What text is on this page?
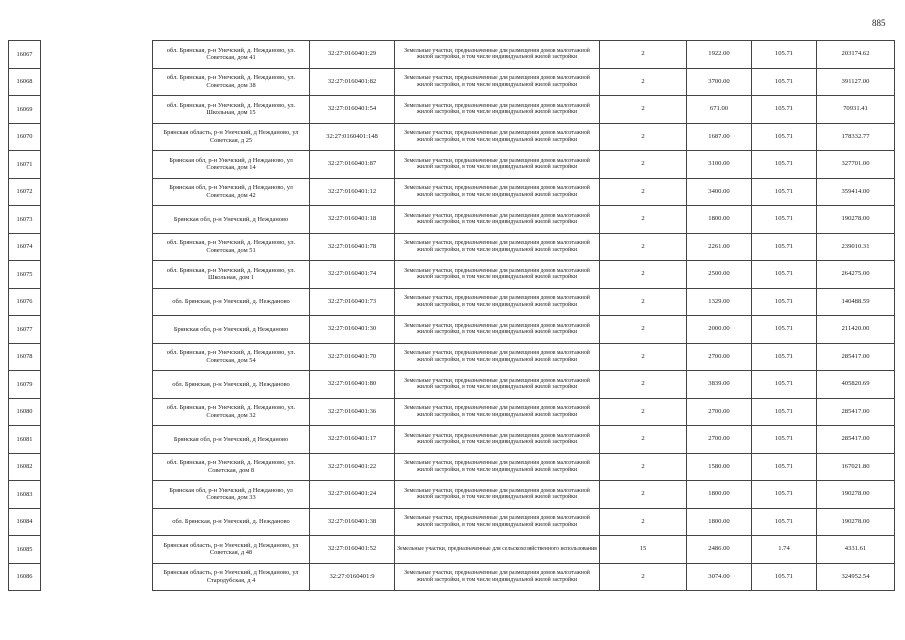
885
16067		обл. Брянская, р-н Унечский, д. Нежданово, ул. Советская, дом 41	32:27:0160401:29	Земельные участки, предназначенные для размещения домов малоэтажной жилой застройки, в том числе индивидуальной жилой застройки	2	1922.00	105.71	203174.62
16068		обл. Брянская, р-н Унечский, д. Нежданово, ул. Советская, дом 38	32:27:0160401:82	Земельные участки, предназначенные для размещения домов малоэтажной жилой застройки, в том числе индивидуальной жилой застройки	2	3700.00	105.71	391127.00
16069		обл. Брянская, р-н Унечский, д. Нежданово, ул. Школьная, дом 15	32:27:0160401:54	Земельные участки, предназначенные для размещения домов малоэтажной жилой застройки, в том числе индивидуальной жилой застройки	2	671.00	105.71	70931.41
16070		Брянская область, р-н Унечский, д Нежданово, ул Советская, д 25	32:27:0160401:148	Земельные участки, предназначенные для размещения домов малоэтажной жилой застройки, в том числе индивидуальной жилой застройки	2	1687.00	105.71	178332.77
16071		Брянская обл, р-н Унечский, д Нежданово, ул Советская, дом 14	32:27:0160401:87	Земельные участки, предназначенные для размещения домов малоэтажной жилой застройки, в том числе индивидуальной жилой застройки	2	3100.00	105.71	327701.00
16072		Брянская обл, р-н Унечский, д Нежданово, ул Советская, дом 42	32:27:0160401:12	Земельные участки, предназначенные для размещения домов малоэтажной жилой застройки, в том числе индивидуальной жилой застройки	2	3400.00	105.71	359414.00
16073		Брянская обл, р-н Унечский, д Нежданово	32:27:0160401:18	Земельные участки, предназначенные для размещения домов малоэтажной жилой застройки, в том числе индивидуальной жилой застройки	2	1800.00	105.71	190278.00
16074		обл. Брянская, р-н Унечский, д. Нежданово, ул. Советская, дом 51	32:27:0160401:78	Земельные участки, предназначенные для размещения домов малоэтажной жилой застройки, в том числе индивидуальной жилой застройки	2	2261.00	105.71	239010.31
16075		обл. Брянская, р-н Унечский, д. Нежданово, ул. Школьная, дом 1	32:27:0160401:74	Земельные участки, предназначенные для размещения домов малоэтажной жилой застройки, в том числе индивидуальной жилой застройки	2	2500.00	105.71	264275.00
16076		обл. Брянская, р-н Унечский, д. Нежданово	32:27:0160401:73	Земельные участки, предназначенные для размещения домов малоэтажной жилой застройки, в том числе индивидуальной жилой застройки	2	1329.00	105.71	140488.59
16077		Брянская обл, р-н Унечский, д Нежданово	32:27:0160401:30	Земельные участки, предназначенные для размещения домов малоэтажной жилой застройки, в том числе индивидуальной жилой застройки	2	2000.00	105.71	211420.00
16078		обл. Брянская, р-н Унечский, д. Нежданово, ул. Советская, дом 54	32:27:0160401:70	Земельные участки, предназначенные для размещения домов малоэтажной жилой застройки, в том числе индивидуальной жилой застройки	2	2700.00	105.71	285417.00
16079		обл. Брянская, р-н Унечский, д. Нежданово	32:27:0160401:80	Земельные участки, предназначенные для размещения домов малоэтажной жилой застройки, в том числе индивидуальной жилой застройки	2	3839.00	105.71	405820.69
16080		обл. Брянская, р-н Унечский, д. Нежданово, ул. Советская, дом 32	32:27:0160401:36	Земельные участки, предназначенные для размещения домов малоэтажной жилой застройки, в том числе индивидуальной жилой застройки	2	2700.00	105.71	285417.00
16081		Брянская обл, р-н Унечский, д Нежданово	32:27:0160401:17	Земельные участки, предназначенные для размещения домов малоэтажной жилой застройки, в том числе индивидуальной жилой застройки	2	2700.00	105.71	285417.00
16082		обл. Брянская, р-н Унечский, д. Нежданово, ул. Советская, дом 8	32:27:0160401:22	Земельные участки, предназначенные для размещения домов малоэтажной жилой застройки, в том числе индивидуальной жилой застройки	2	1580.00	105.71	167021.80
16083		Брянская обл, р-н Унечский, д Нежданово, ул Советская, дом 33	32:27:0160401:24	Земельные участки, предназначенные для размещения домов малоэтажной жилой застройки, в том числе индивидуальной жилой застройки	2	1800.00	105.71	190278.00
16084		обл. Брянская, р-н Унечский, д. Нежданово	32:27:0160401:38	Земельные участки, предназначенные для размещения домов малоэтажной жилой застройки, в том числе индивидуальной жилой застройки	2	1800.00	105.71	190278.00
16085		Брянская область, р-н Унечский, д Нежданово, ул Советская, д 48	32:27:0160401:52	Земельные участки, предназначенные для сельскохозяйственного использования	15	2486.00	1.74	4331.61
16086		Брянская область, р-н Унечский, д Нежданово, ул Стародубская, д 4	32:27:0160401:9	Земельные участки, предназначенные для размещения домов малоэтажной жилой застройки, в том числе индивидуальной жилой застройки	2	3074.00	105.71	324952.54
